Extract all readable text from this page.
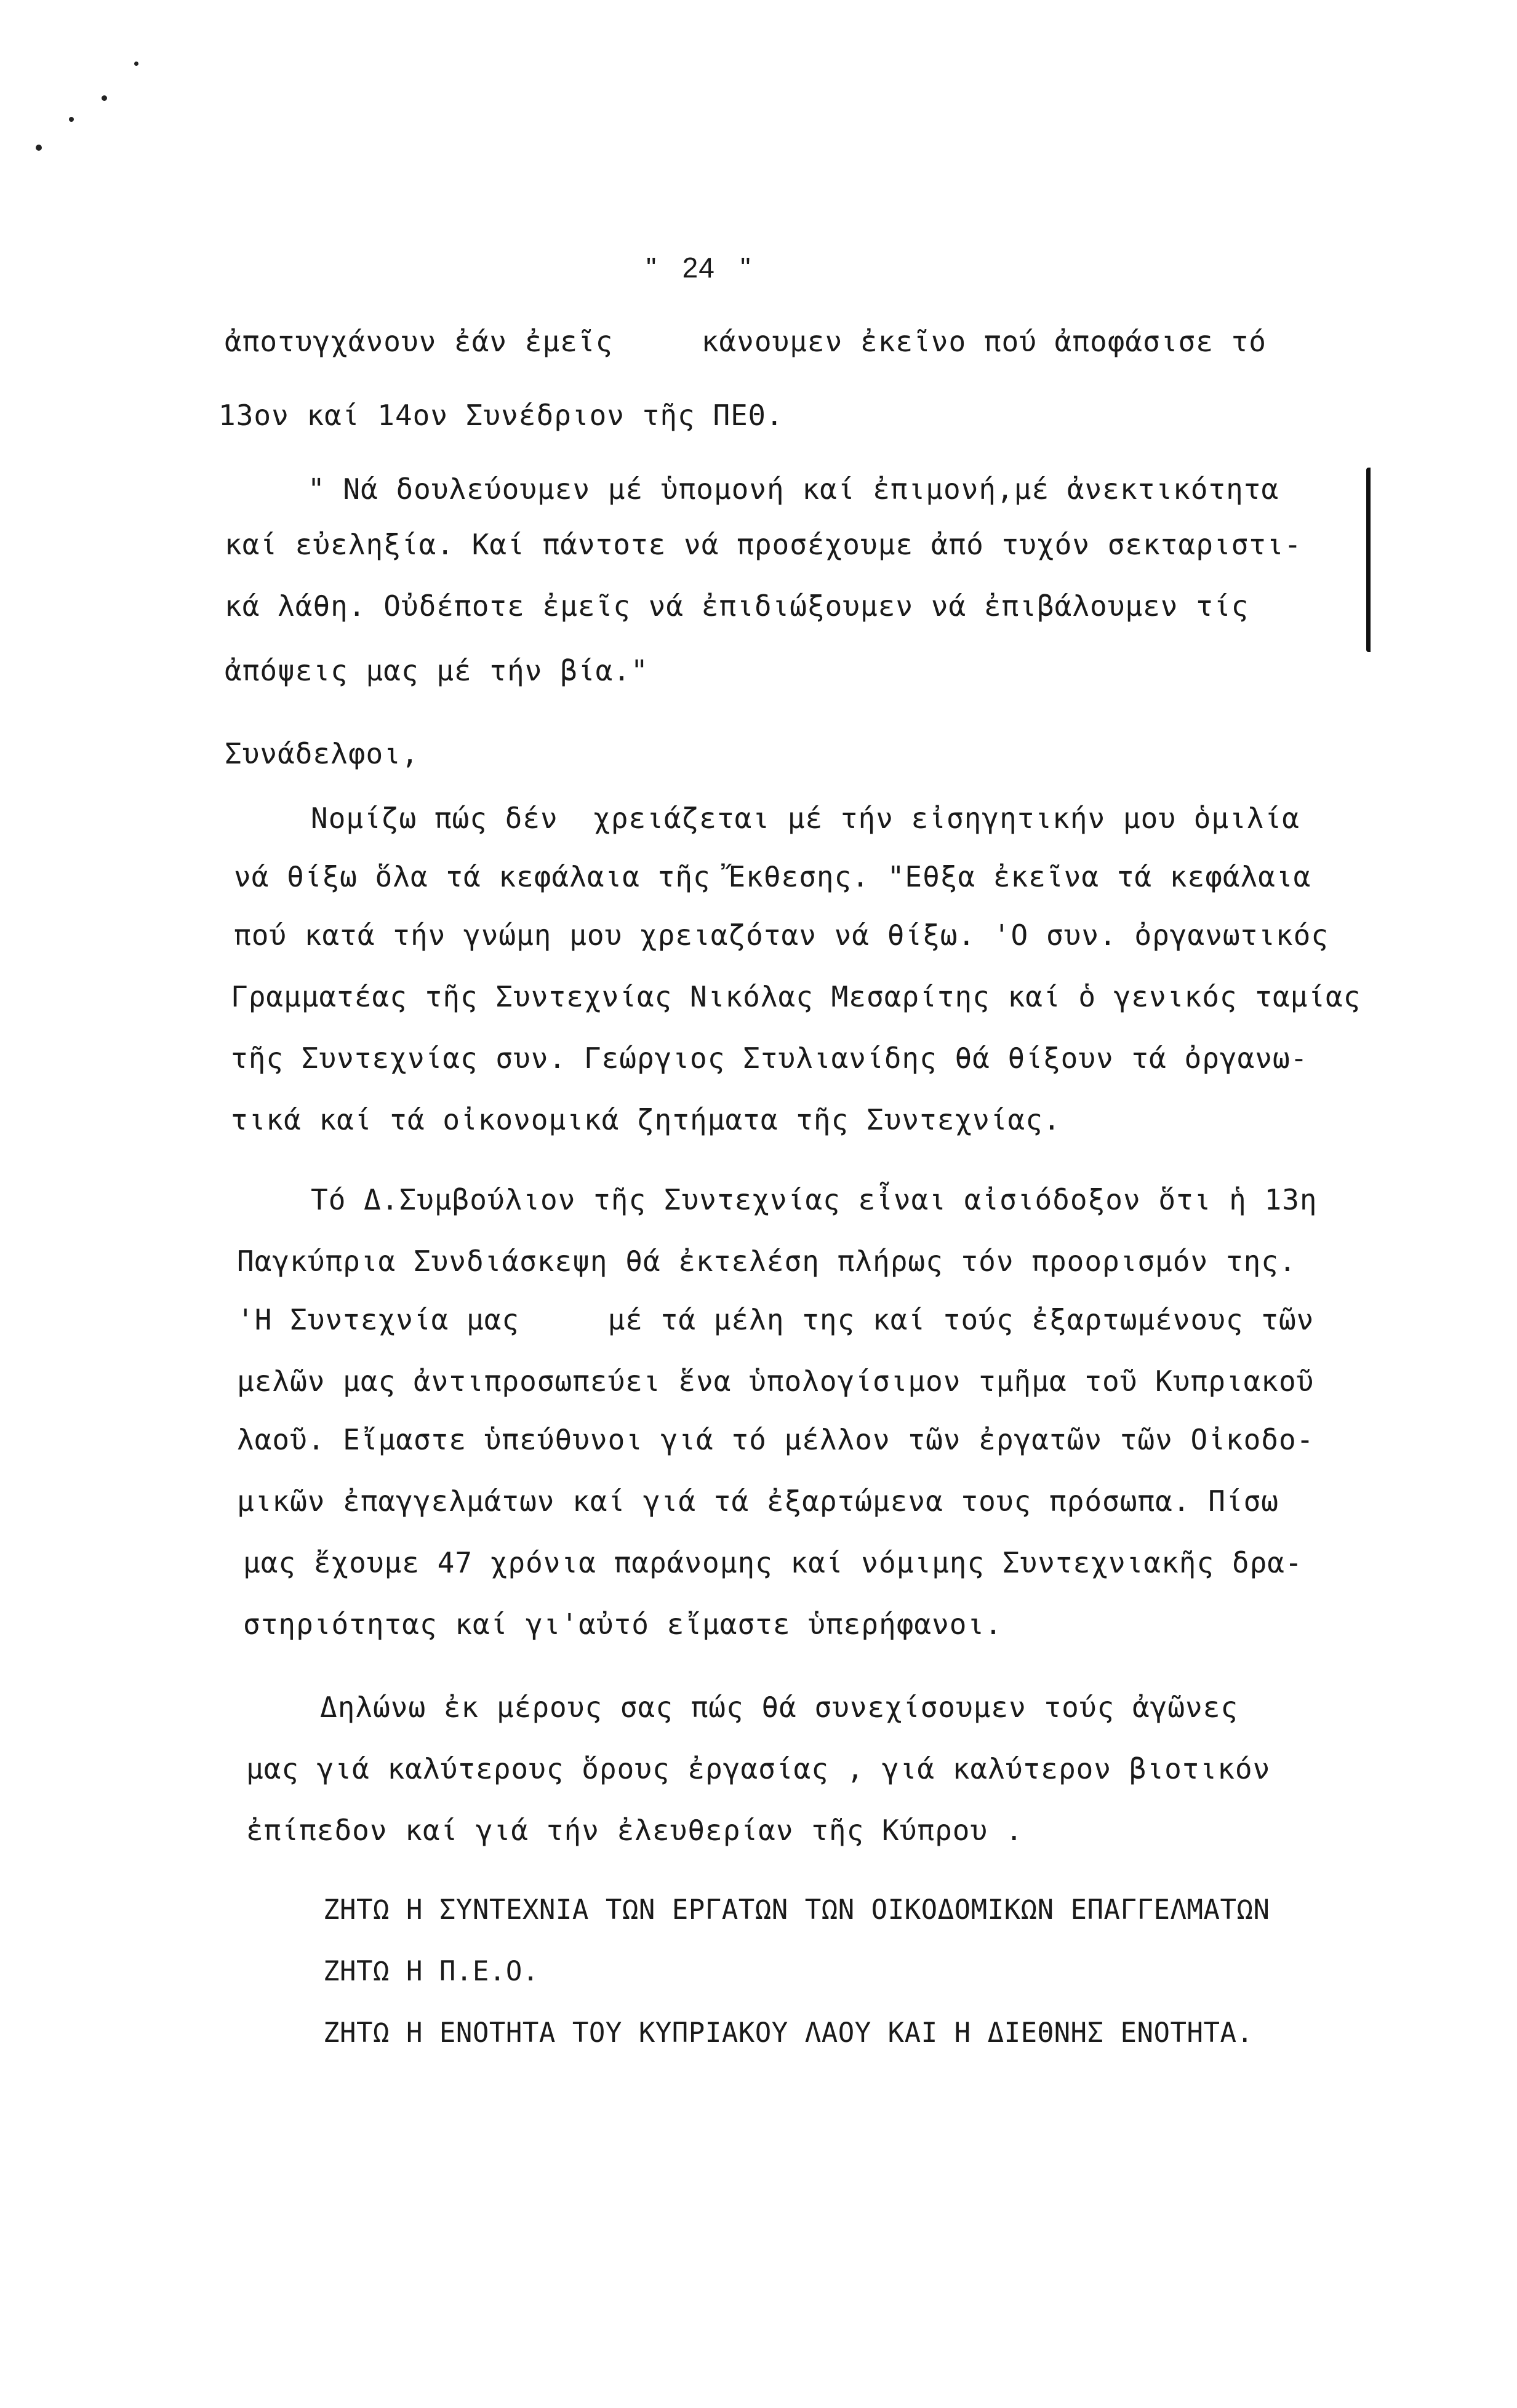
"   24   "
ἀποτυγχάνουν ἐάν ἐμεῖς     κάνουμεν ἐκεῖνο πού ἀποφάσισε τό
13ον καί 14ον Συνέδριον τῆς ΠΕΘ.
" Νά δουλεύουμεν μέ ὑπομονή καί ἐπιμονή,μέ ἀνεκτικότητα
καί εὐεληξία. Καί πάντοτε νά προσέχουμε ἀπό τυχόν σεκταριστι-
κά λάθη. Οὐδέποτε ἐμεῖς νά ἐπιδιώξουμεν νά ἐπιβάλουμεν τίς
ἀπόψεις μας μέ τήν βία."
Συνάδελφοι,
Νομίζω πώς δέν  χρειάζεται μέ τήν εἰσηγητικήν μου ὁμιλία
νά θίξω ὅλα τά κεφάλαια τῆς Ἔκθεσης. "Εθξα ἐκεῖνα τά κεφάλαια
πού κατά τήν γνώμη μου χρειαζόταν νά θίξω. 'Ο συν. ὀργανωτικός
Γραμματέας τῆς Συντεχνίας Νικόλας Μεσαρίτης καί ὁ γενικός ταμίας
τῆς Συντεχνίας συν. Γεώργιος Στυλιανίδης θά θίξουν τά ὀργανω-
τικά καί τά οἰκονομικά ζητήματα τῆς Συντεχνίας.
Τό Δ.Συμβούλιον τῆς Συντεχνίας εἶναι αἰσιόδοξον ὅτι ἡ 13η
Παγκύπρια Συνδιάσκεψη θά ἐκτελέση πλήρως τόν προορισμόν της.
'Η Συντεχνία μας     μέ τά μέλη της καί τούς ἐξαρτωμένους τῶν
μελῶν μας ἀντιπροσωπεύει ἕνα ὑπολογίσιμον τμῆμα τοῦ Κυπριακοῦ
λαοῦ. Εἴμαστε ὑπεύθυνοι γιά τό μέλλον τῶν ἐργατῶν τῶν Οἰκοδο-
μικῶν ἐπαγγελμάτων καί γιά τά ἐξαρτώμενα τους πρόσωπα. Πίσω
μας ἔχουμε 47 χρόνια παράνομης καί νόμιμης Συντεχνιακῆς δρα-
στηριότητας καί γι'αὐτό εἴμαστε ὑπερήφανοι.
Δηλώνω ἐκ μέρους σας πώς θά συνεχίσουμεν τούς ἀγῶνες
μας γιά καλύτερους ὅρους ἐργασίας , γιά καλύτερον βιοτικόν
ἐπίπεδον καί γιά τήν ἐλευθερίαν τῆς Κύπρου .
ΖΗΤΩ Η ΣΥΝΤΕΧΝΙΑ ΤΩΝ ΕΡΓΑΤΩΝ ΤΩΝ ΟΙΚΟΔΟΜΙΚΩΝ ΕΠΑΓΓΕΛΜΑΤΩΝ
ΖΗΤΩ Η Π.Ε.Ο.
ΖΗΤΩ Η ΕΝΟΤΗΤΑ ΤΟΥ ΚΥΠΡΙΑΚΟΥ ΛΑΟΥ ΚΑΙ Η ΔΙΕΘΝΗΣ ΕΝΟΤΗΤΑ.
